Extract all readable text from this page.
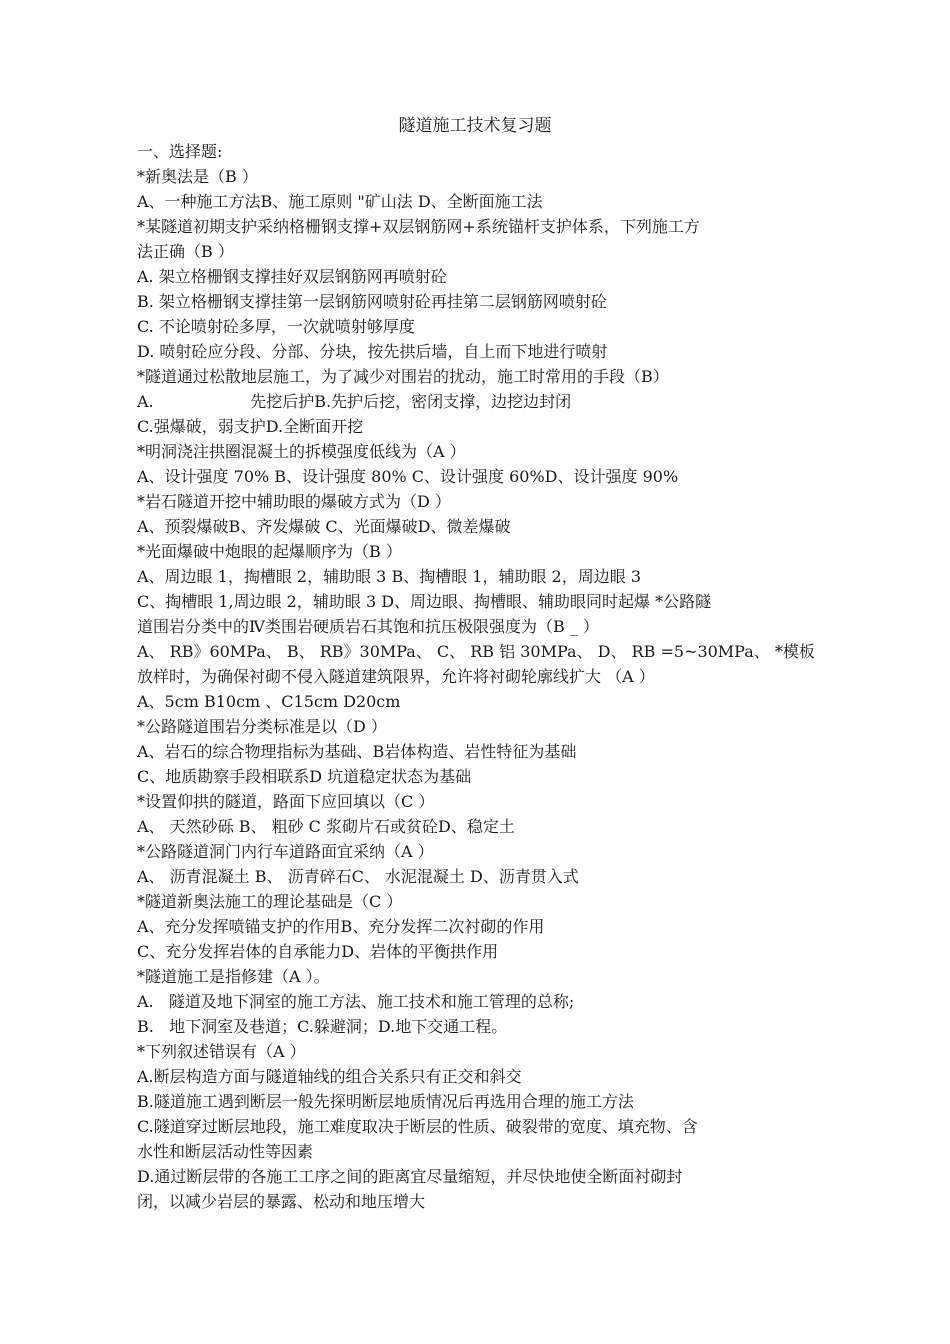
隧道施工技术复习题
一、选择题:
*新奥法是（B ）
A、一种施工方法B、施工原则 "矿山法 D、全断面施工法
*某隧道初期支护采纳格栅钢支撑+双层钢筋网+系统锚杆支护体系，下列施工方
法正确（B ）
A. 架立格栅钢支撑挂好双层钢筋网再喷射砼
B. 架立格栅钢支撑挂第一层钢筋网喷射砼再挂第二层钢筋网喷射砼
C. 不论喷射砼多厚，一次就喷射够厚度
D. 喷射砼应分段、分部、分块，按先拱后墙，自上而下地进行喷射
*隧道通过松散地层施工，为了减少对围岩的扰动，施工时常用的手段（B）
A.                   先挖后护B.先护后挖，密闭支撑，边挖边封闭
C.强爆破，弱支护D.全断面开挖
*明洞浇注拱圈混凝土的拆模强度低线为（A ）
A、设计强度 70% B、设计强度 80% C、设计强度 60%D、设计强度 90%
*岩石隧道开挖中辅助眼的爆破方式为（D ）
A、预裂爆破B、齐发爆破 C、光面爆破D、微差爆破
*光面爆破中炮眼的起爆顺序为（B ）
A、周边眼 1，掏槽眼 2，辅助眼 3 B、掏槽眼 1，辅助眼 2，周边眼 3
C、掏槽眼 1,周边眼 2，辅助眼 3 D、周边眼、掏槽眼、辅助眼同时起爆 *公路隧
道围岩分类中的Ⅳ类围岩硬质岩石其饱和抗压极限强度为（B _ ）
A、 RB》60MPa、 B、 RB》30MPa、 C、 RB 铝 30MPa、 D、 RB =5~30MPa、 *模板
放样时，为确保衬砌不侵入隧道建筑限界，允许将衬砌轮廓线扩大 （A ）
A、5cm B10cm 、C15cm D20cm
*公路隧道围岩分类标准是以（D ）
A、岩石的综合物理指标为基础、B岩体构造、岩性特征为基础
C、地质勘察手段相联系D 坑道稳定状态为基础
*设置仰拱的隧道，路面下应回填以（C ）
A、 天然砂砾 B、 粗砂 C 浆砌片石或贫砼D、稳定土
*公路隧道洞门内行车道路面宜采纳（A ）
A、 沥青混凝土 B、 沥青碎石C、 水泥混凝土 D、沥青贯入式
*隧道新奥法施工的理论基础是（C ）
A、充分发挥喷锚支护的作用B、充分发挥二次衬砌的作用
C、充分发挥岩体的自承能力D、岩体的平衡拱作用
*隧道施工是指修建（A ）。
A.   隧道及地下洞室的施工方法、施工技术和施工管理的总称;
B.   地下洞室及巷道；C.躲避洞；D.地下交通工程。
*下列叙述错误有（A ）
A.断层构造方面与隧道轴线的组合关系只有正交和斜交
B.隧道施工遇到断层一般先探明断层地质情况后再选用合理的施工方法
C.隧道穿过断层地段，施工难度取决于断层的性质、破裂带的宽度、填充物、含
水性和断层活动性等因素
D.通过断层带的各施工工序之间的距离宜尽量缩短，并尽快地使全断面衬砌封
闭，以减少岩层的暴露、松动和地压增大
